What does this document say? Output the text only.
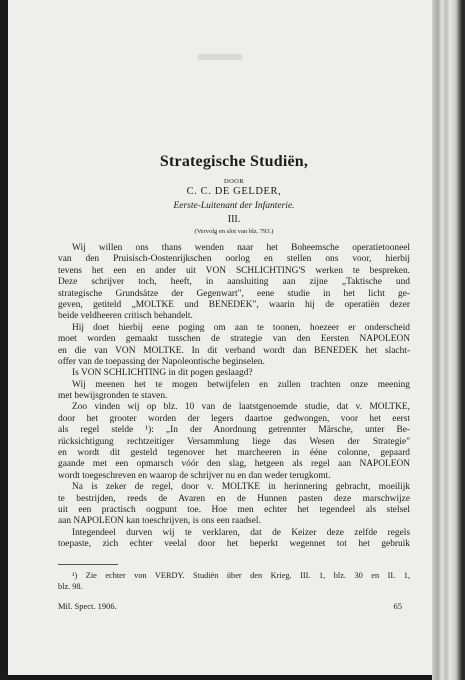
Strategische Studiën,
DOOR
C. C. DE GELDER,
Eerste-Luitenant der Infanterie.
III.
(Vervolg en slot van blz. 793.)
Wij willen ons thans wenden naar het Boheemsche operatietooneel
van den Pruisisch-Oostenrijkschen oorlog en stellen ons voor, hierbij
tevens het een en ander uit VON SCHLICHTING'S werken te bespreken.
Deze schrijver toch, heeft, in aansluiting aan zijne „Taktische und
strategische Grundsätze der Gegenwart", eene studie in het licht ge-
geven, getiteld „MOLTKE und BENEDEK", waarin hij de operatiën dezer
beide veldheeren critisch behandelt.
Hij doet hierbij eene poging om aan te toonen, hoezeer er onderscheid
moet worden gemaakt tusschen de strategie van den Eersten NAPOLEON
en die van VON MOLTKE. In dit verband wordt dan BENEDEK het slacht-
offer van de toepassing der Napoleontische beginselen.
Is VON SCHLICHTING in dit pogen geslaagd?
Wij meenen het te mogen betwijfelen en zullen trachten onze meening
met bewijsgronden te staven.
Zoo vinden wij op blz. 10 van de laatstgenoemde studie, dat v. MOLTKE,
door het grooter worden der legers daartoe gedwongen, voor het eerst
als regel stelde ¹): „In der Anordnung getrennter Märsche, unter Be-
rücksichtigung rechtzeitiger Versammlung liege das Wesen der Strategie"
en wordt dit gesteld tegenover het marcheeren in ééne colonne, gepaard
gaande met een opmarsch vóór den slag, hetgeen als regel aan NAPOLEON
wordt toegeschreven en waarop de schrijver nu en dan weder terugkomt.
Na is zeker de regel, door v. MOLTKE in herinnering gebracht, moeilijk
te bestrijden, reeds de Avaren en de Hunnen pasten deze marschwijze
uit een practisch oogpunt toe. Hoe men echter het tegendeel als stelsel
aan NAPOLEON kan toeschrijven, is ons een raadsel.
Integendeel durven wij te verklaren, dat de Keizer deze zelfde regels
toepaste, zich echter veelal door het beperkt wegennet tot het gebruik
¹) Zie echter von VERDY. Studiën über den Krieg. III. 1, blz. 30 en II. 1,
blz. 98.
Mil. Spect. 1906.	65
